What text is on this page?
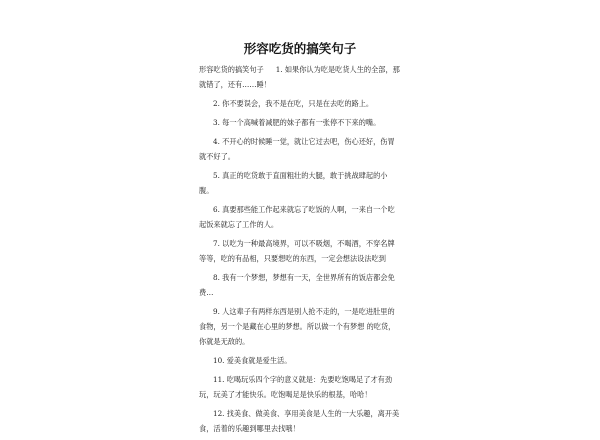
形容吃货的搞笑句子

形容吃货的搞笑句子 1. 如果你认为吃是吃货人生的全部，那就错了，还有……睡！

2. 你不要误会，我不是在吃，只是在去吃的路上。

3. 每一个高喊着减肥的妹子都有一张停不下来的嘴。

4. 不开心的时候睡一觉，就让它过去吧，伤心还好，伤胃就不好了。

5. 真正的吃货敢于直面粗壮的大腿，敢于挑战肆起的小腹。

6. 真要那些能工作起来就忘了吃饭的人啊，一来自一个吃起饭来就忘了工作的人。

7. 以吃为一种最高境界，可以不吸烟，不喝酒，不穿名牌等等，吃的有品相，只要想吃的东西，一定会想法设法吃到

8. 我有一个梦想，梦想有一天，全世界所有的饭店都会免费…

9. 人这辈子有两样东西是别人抢不走的，一是吃进肚里的食物，另一个是藏在心里的梦想。所以做一个有梦想 的吃货，你就是无敌的。

10. 爱美食就是爱生活。

11. 吃喝玩乐四个字的意义就是：先要吃饱喝足了才有劲玩，玩美了才能快乐。吃饱喝足是快乐的根基，哈哈！

12. 找美食、做美食、享用美食是人生的一大乐趣，离开美食，活着的乐趣到哪里去找哦！
